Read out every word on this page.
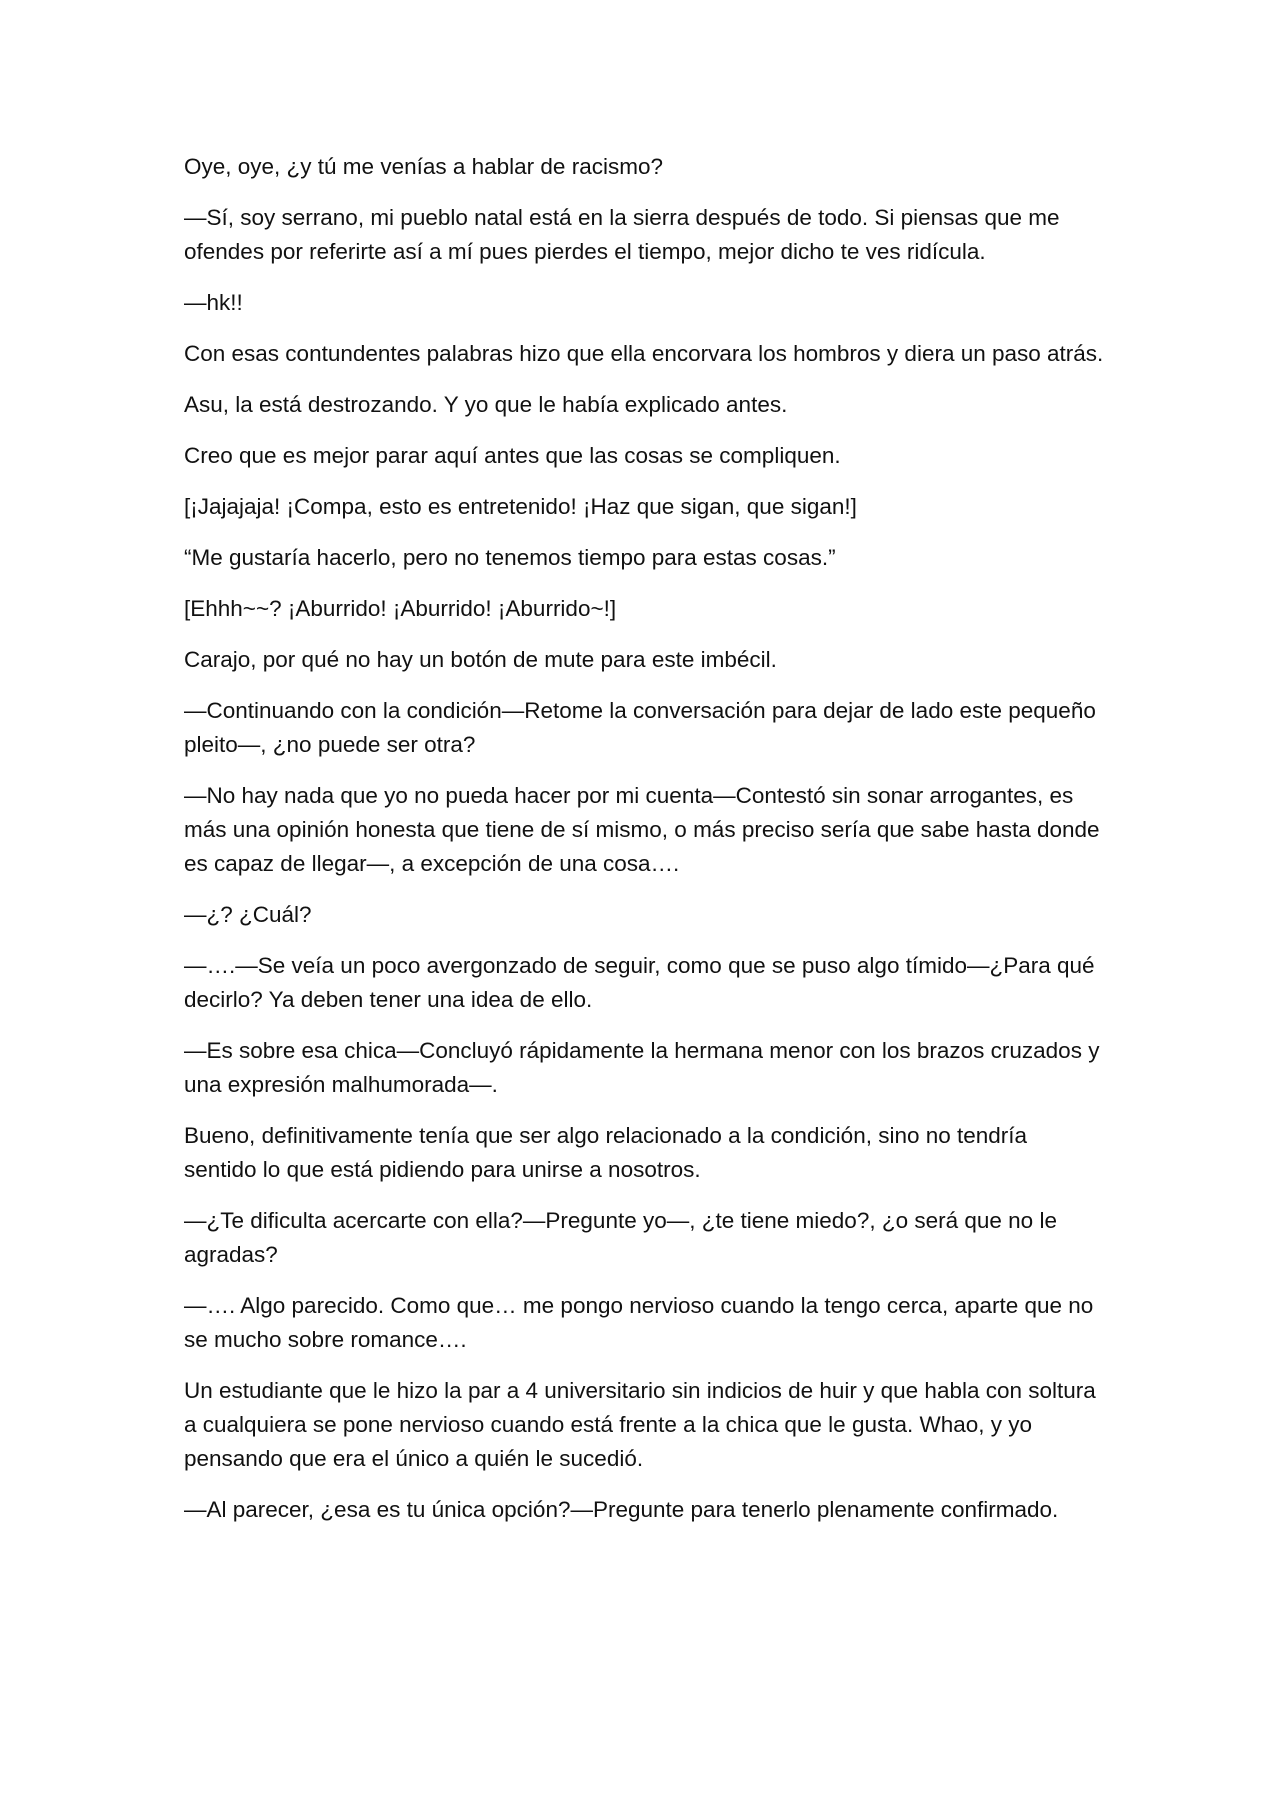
Oye, oye, ¿y tú me venías a hablar de racismo?

—Sí, soy serrano, mi pueblo natal está en la sierra después de todo. Si piensas que me ofendes por referirte así a mí pues pierdes el tiempo, mejor dicho te ves ridícula.

—hk!!

Con esas contundentes palabras hizo que ella encorvara los hombros y diera un paso atrás.

Asu, la está destrozando. Y yo que le había explicado antes.

Creo que es mejor parar aquí antes que las cosas se compliquen.

[¡Jajajaja! ¡Compa, esto es entretenido! ¡Haz que sigan, que sigan!]

“Me gustaría hacerlo, pero no tenemos tiempo para estas cosas.”

[Ehhh~~? ¡Aburrido! ¡Aburrido! ¡Aburrido~!]

Carajo, por qué no hay un botón de mute para este imbécil.

—Continuando con la condición—Retome la conversación para dejar de lado este pequeño pleito—, ¿no puede ser otra?

—No hay nada que yo no pueda hacer por mi cuenta—Contestó sin sonar arrogantes, es más una opinión honesta que tiene de sí mismo, o más preciso sería que sabe hasta donde es capaz de llegar—, a excepción de una cosa….

—¿? ¿Cuál?

—….—Se veía un poco avergonzado de seguir, como que se puso algo tímido—¿Para qué decirlo? Ya deben tener una idea de ello.

—Es sobre esa chica—Concluyó rápidamente la hermana menor con los brazos cruzados y una expresión malhumorada—.

Bueno, definitivamente tenía que ser algo relacionado a la condición, sino no tendría sentido lo que está pidiendo para unirse a nosotros.

—¿Te dificulta acercarte con ella?—Pregunte yo—, ¿te tiene miedo?, ¿o será que no le agradas?

—…. Algo parecido. Como que… me pongo nervioso cuando la tengo cerca, aparte que no se mucho sobre romance….

Un estudiante que le hizo la par a 4 universitario sin indicios de huir y que habla con soltura a cualquiera se pone nervioso cuando está frente a la chica que le gusta. Whao, y yo pensando que era el único a quién le sucedió.

—Al parecer, ¿esa es tu única opción?—Pregunte para tenerlo plenamente confirmado.
